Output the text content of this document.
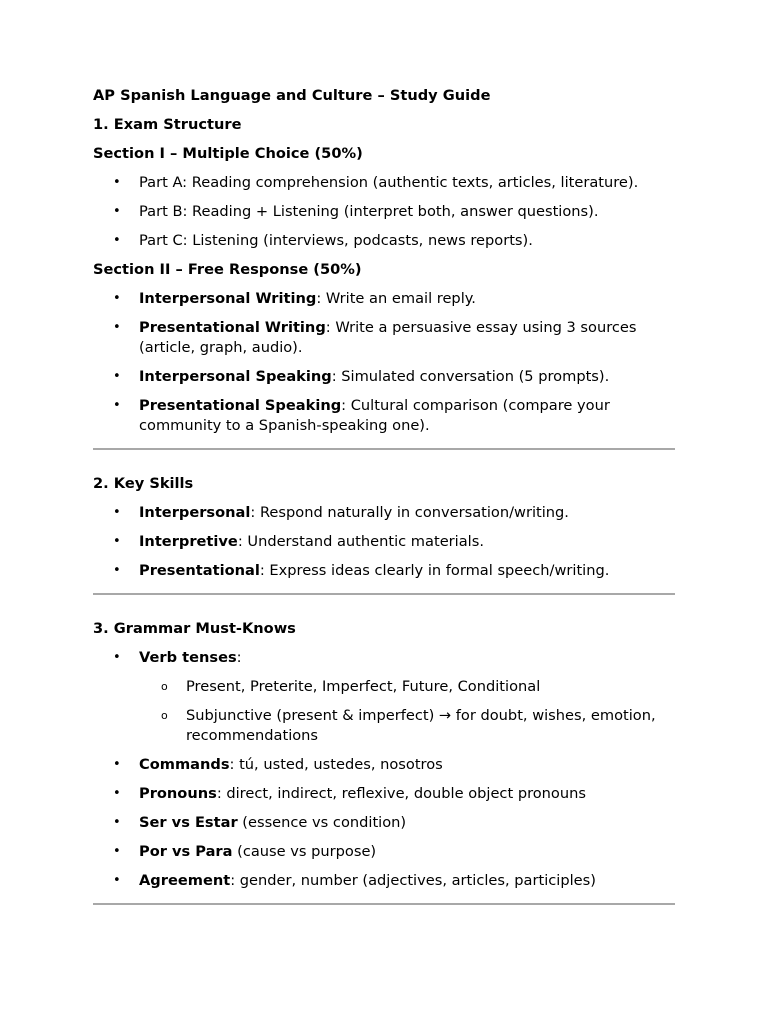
AP Spanish Language and Culture – Study Guide
1. Exam Structure
Section I – Multiple Choice (50%)
• Part A: Reading comprehension (authentic texts, articles, literature).
• Part B: Reading + Listening (interpret both, answer questions).
• Part C: Listening (interviews, podcasts, news reports).
Section II – Free Response (50%)
• Interpersonal Writing: Write an email reply.
• Presentational Writing: Write a persuasive essay using 3 sources (article, graph, audio).
• Interpersonal Speaking: Simulated conversation (5 prompts).
• Presentational Speaking: Cultural comparison (compare your community to a Spanish-speaking one).
2. Key Skills
• Interpersonal: Respond naturally in conversation/writing.
• Interpretive: Understand authentic materials.
• Presentational: Express ideas clearly in formal speech/writing.
3. Grammar Must-Knows
• Verb tenses:
o Present, Preterite, Imperfect, Future, Conditional
o Subjunctive (present & imperfect) → for doubt, wishes, emotion, recommendations
• Commands: tú, usted, ustedes, nosotros
• Pronouns: direct, indirect, reflexive, double object pronouns
• Ser vs Estar (essence vs condition)
• Por vs Para (cause vs purpose)
• Agreement: gender, number (adjectives, articles, participles)
